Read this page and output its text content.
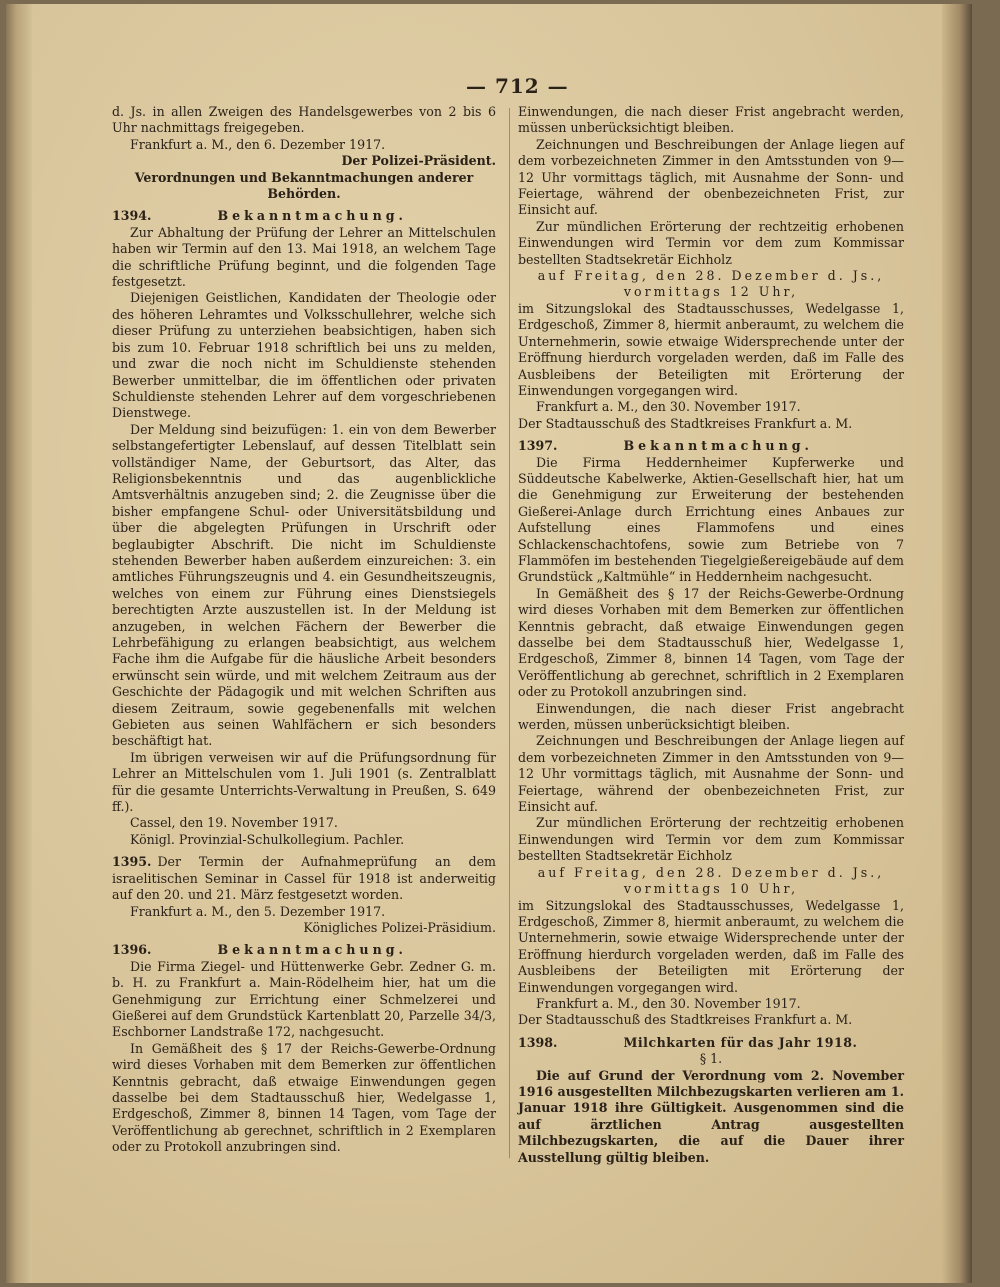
— 712 —

d. Js. in allen Zweigen des Handelsgewerbes von 2 bis 6 Uhr nachmittags freigegeben.

Frankfurt a. M., den 6. Dezember 1917.

Der Polizei-Präsident.

Verordnungen und Bekanntmachungen anderer Behörden.

1394.	Bekanntmachung.

Zur Abhaltung der Prüfung der Lehrer an Mittelschulen haben wir Termin auf den 13. Mai 1918, an welchem Tage die schriftliche Prüfung beginnt, und die folgenden Tage festgesetzt.

Diejenigen Geistlichen, Kandidaten der Theologie oder des höheren Lehramtes und Volksschullehrer, welche sich dieser Prüfung zu unterziehen beabsichtigen, haben sich bis zum 10. Februar 1918 schriftlich bei uns zu melden, und zwar die noch nicht im Schuldienste stehenden Bewerber unmittelbar, die im öffentlichen oder privaten Schuldienste stehenden Lehrer auf dem vorgeschriebenen Dienstwege.

Der Meldung sind beizufügen: 1. ein von dem Bewerber selbstangefertigter Lebenslauf, auf dessen Titelblatt sein vollständiger Name, der Geburtsort, das Alter, das Religionsbekenntnis und das augenblickliche Amtsverhältnis anzugeben sind; 2. die Zeugnisse über die bisher empfangene Schul- oder Universitätsbildung und über die abgelegten Prüfungen in Urschrift oder beglaubigter Abschrift. Die nicht im Schuldienste stehenden Bewerber haben außerdem einzureichen: 3. ein amtliches Führungszeugnis und 4. ein Gesundheitszeugnis, welches von einem zur Führung eines Dienstsiegels berechtigten Arzte auszustellen ist. In der Meldung ist anzugeben, in welchen Fächern der Bewerber die Lehrbefähigung zu erlangen beabsichtigt, aus welchem Fache ihm die Aufgabe für die häusliche Arbeit besonders erwünscht sein würde, und mit welchem Zeitraum aus der Geschichte der Pädagogik und mit welchen Schriften aus diesem Zeitraum, sowie gegebenenfalls mit welchen Gebieten aus seinen Wahlfächern er sich besonders beschäftigt hat.

Im übrigen verweisen wir auf die Prüfungsordnung für Lehrer an Mittelschulen vom 1. Juli 1901 (s. Zentralblatt für die gesamte Unterrichts-Verwaltung in Preußen, S. 649 ff.).

Cassel, den 19. November 1917.

Königl. Provinzial-Schulkollegium. Pachler.

1395. Der Termin der Aufnahmeprüfung an dem israelitischen Seminar in Cassel für 1918 ist anderweitig auf den 20. und 21. März festgesetzt worden.

Frankfurt a. M., den 5. Dezember 1917.

Königliches Polizei-Präsidium.

1396.	Bekanntmachung.

Die Firma Ziegel- und Hüttenwerke Gebr. Zedner G. m. b. H. zu Frankfurt a. Main-Rödelheim hier, hat um die Genehmigung zur Errichtung einer Schmelzerei und Gießerei auf dem Grundstück Kartenblatt 20, Parzelle 34/3, Eschborner Landstraße 172, nachgesucht.

In Gemäßheit des § 17 der Reichs-Gewerbe-Ordnung wird dieses Vorhaben mit dem Bemerken zur öffentlichen Kenntnis gebracht, daß etwaige Einwendungen gegen dasselbe bei dem Stadtausschuß hier, Wedelgasse 1, Erdgeschoß, Zimmer 8, binnen 14 Tagen, vom Tage der Veröffentlichung ab gerechnet, schriftlich in 2 Exemplaren oder zu Protokoll anzubringen sind.

Einwendungen, die nach dieser Frist angebracht werden, müssen unberücksichtigt bleiben.

Zeichnungen und Beschreibungen der Anlage liegen auf dem vorbezeichneten Zimmer in den Amtsstunden von 9—12 Uhr vormittags täglich, mit Ausnahme der Sonn- und Feiertage, während der obenbezeichneten Frist, zur Einsicht auf.

Zur mündlichen Erörterung der rechtzeitig erhobenen Einwendungen wird Termin vor dem zum Kommissar bestellten Stadtsekretär Eichholz

auf Freitag, den 28. Dezember d. Js.,

vormittags 12 Uhr,

im Sitzungslokal des Stadtausschusses, Wedelgasse 1, Erdgeschoß, Zimmer 8, hiermit anberaumt, zu welchem die Unternehmerin, sowie etwaige Widersprechende unter der Eröffnung hierdurch vorgeladen werden, daß im Falle des Ausbleibens der Beteiligten mit Erörterung der Einwendungen vorgegangen wird.

Frankfurt a. M., den 30. November 1917.

Der Stadtausschuß des Stadtkreises Frankfurt a. M.

1397.	Bekanntmachung.

Die Firma Heddernheimer Kupferwerke und Süddeutsche Kabelwerke, Aktien-Gesellschaft hier, hat um die Genehmigung zur Erweiterung der bestehenden Gießerei-Anlage durch Errichtung eines Anbaues zur Aufstellung eines Flammofens und eines Schlackenschachtofens, sowie zum Betriebe von 7 Flammöfen im bestehenden Tiegelgießereigebäude auf dem Grundstück „Kaltmühle“ in Heddernheim nachgesucht.

In Gemäßheit des § 17 der Reichs-Gewerbe-Ordnung wird dieses Vorhaben mit dem Bemerken zur öffentlichen Kenntnis gebracht, daß etwaige Einwendungen gegen dasselbe bei dem Stadtausschuß hier, Wedelgasse 1, Erdgeschoß, Zimmer 8, binnen 14 Tagen, vom Tage der Veröffentlichung ab gerechnet, schriftlich in 2 Exemplaren oder zu Protokoll anzubringen sind.

Einwendungen, die nach dieser Frist angebracht werden, müssen unberücksichtigt bleiben.

Zeichnungen und Beschreibungen der Anlage liegen auf dem vorbezeichneten Zimmer in den Amtsstunden von 9—12 Uhr vormittags täglich, mit Ausnahme der Sonn- und Feiertage, während der obenbezeichneten Frist, zur Einsicht auf.

Zur mündlichen Erörterung der rechtzeitig erhobenen Einwendungen wird Termin vor dem zum Kommissar bestellten Stadtsekretär Eichholz

auf Freitag, den 28. Dezember d. Js.,

vormittags 10 Uhr,

im Sitzungslokal des Stadtausschusses, Wedelgasse 1, Erdgeschoß, Zimmer 8, hiermit anberaumt, zu welchem die Unternehmerin, sowie etwaige Widersprechende unter der Eröffnung hierdurch vorgeladen werden, daß im Falle des Ausbleibens der Beteiligten mit Erörterung der Einwendungen vorgegangen wird.

Frankfurt a. M., den 30. November 1917.

Der Stadtausschuß des Stadtkreises Frankfurt a. M.

1398.	Milchkarten für das Jahr 1918.

§ 1.

Die auf Grund der Verordnung vom 2. November 1916 ausgestellten Milchbezugskarten verlieren am 1. Januar 1918 ihre Gültigkeit. Ausgenommen sind die auf ärztlichen Antrag ausgestellten Milchbezugskarten, die auf die Dauer ihrer Ausstellung gültig bleiben.
